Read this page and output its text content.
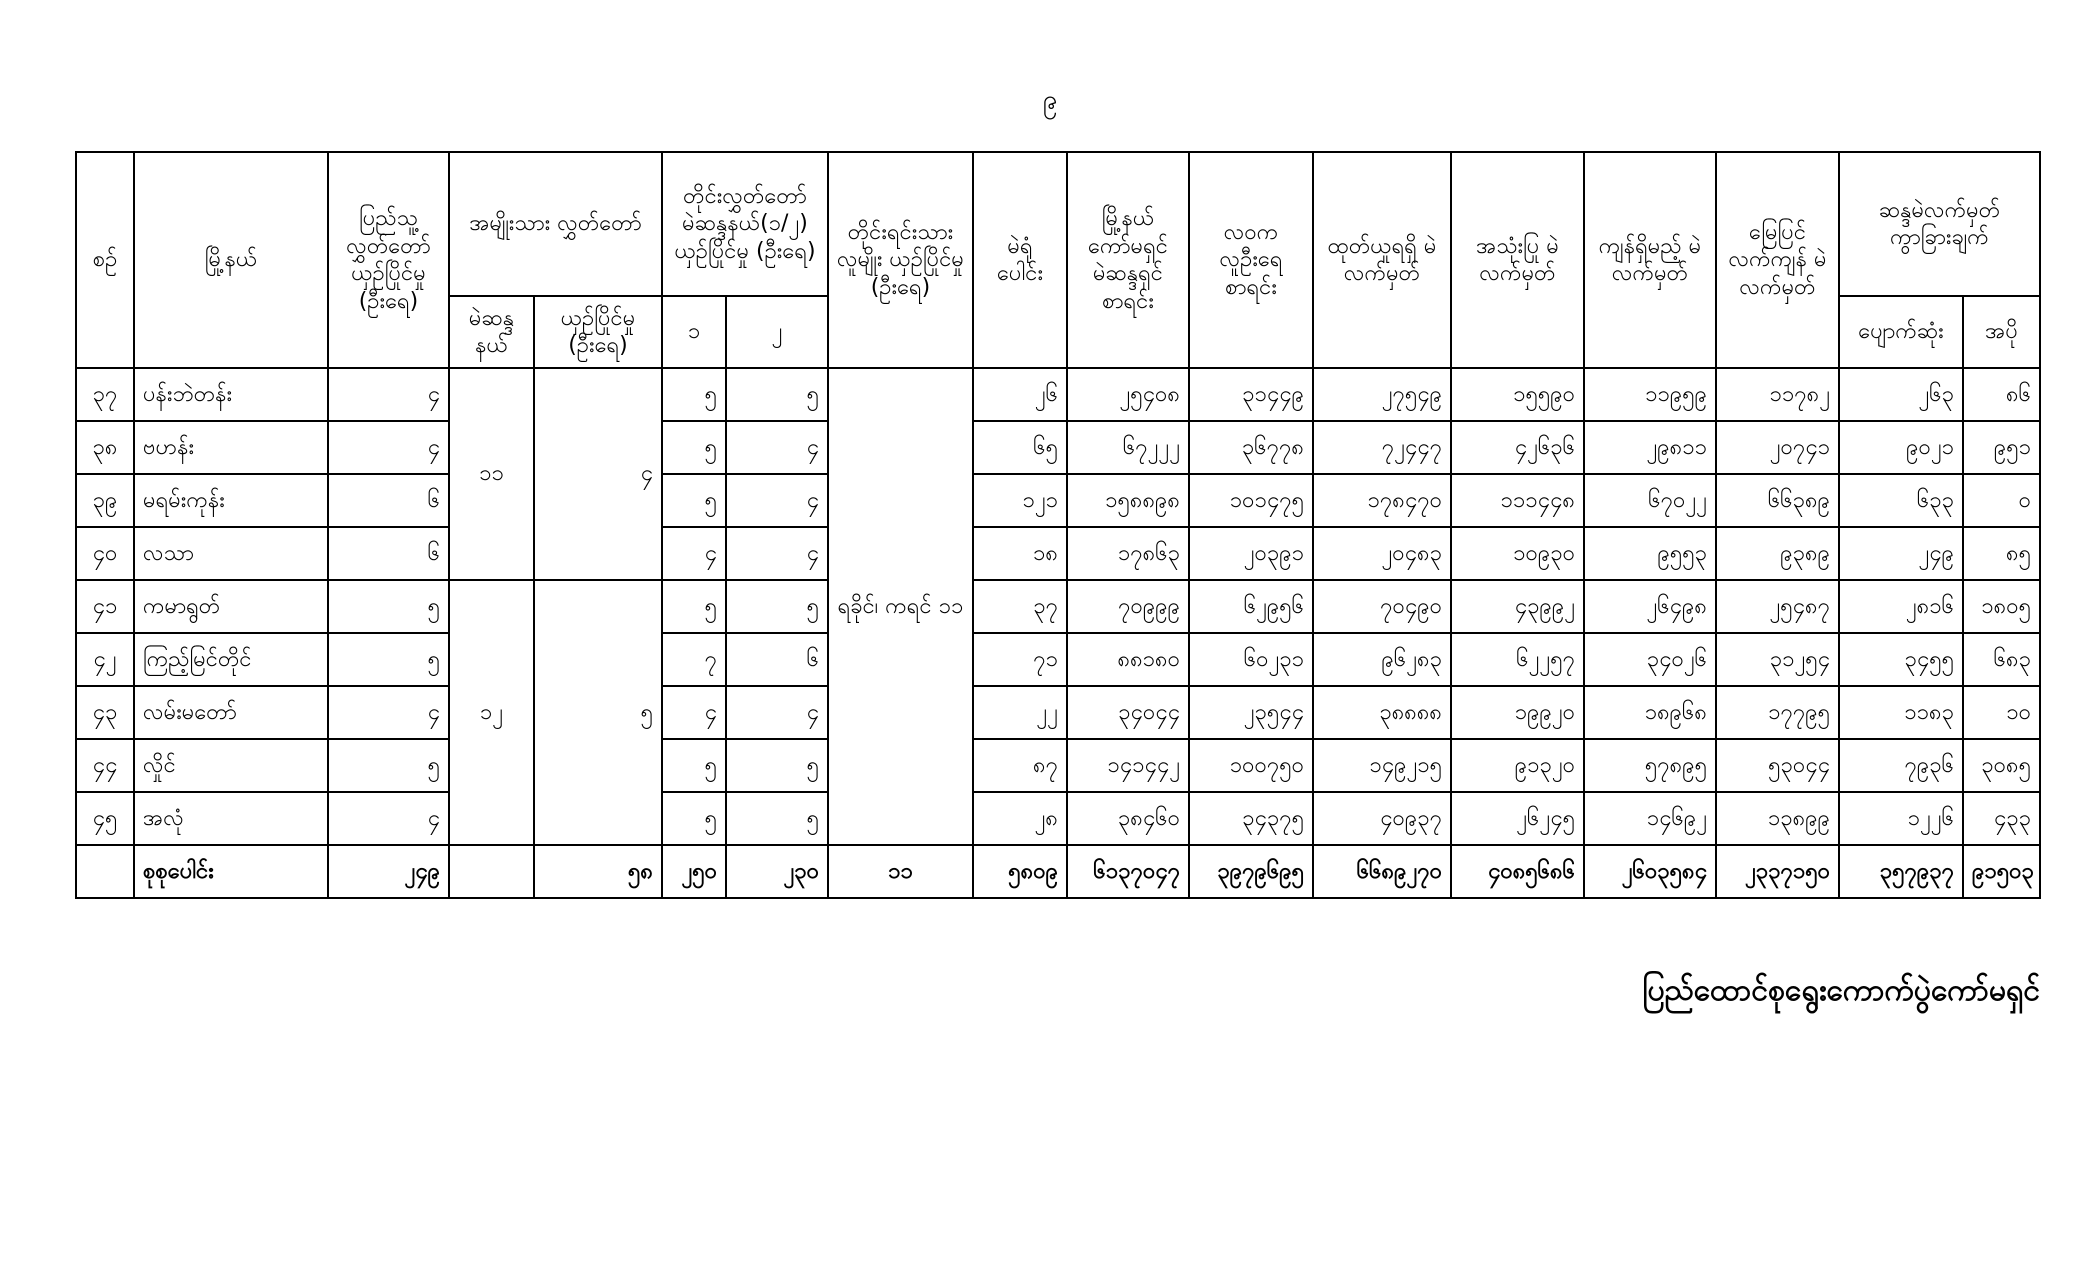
၉
စဉ်	မြို့နယ်	ပြည်သူ့ လွှတ်တော် ယှဉ်ပြိုင်မှု (ဦးရေ)	အမျိုးသား လွှတ်တော်		တိုင်းလွှတ်တော် မဲဆန္ဒနယ်(၁/၂) ယှဉ်ပြိုင်မှု (ဦးရေ)		တိုင်းရင်းသား လူမျိုး ယှဉ်ပြိုင်မှု (ဦးရေ)	မဲရုံ ပေါင်း	မြို့နယ် ကော်မရှင် မဲဆန္ဒရှင် စာရင်း	လဝက လူဦးရေ စာရင်း	ထုတ်ယူရရှိ မဲလက်မှတ်	အသုံးပြု မဲလက်မှတ်	ကျန်ရှိမည့် မဲလက်မှတ်	မြေပြင် လက်ကျန် မဲလက်မှတ်	ဆန္ဒမဲလက်မှတ် ကွာခြားချက်	
			မဲဆန္ဒ နယ်	ယှဉ်ပြိုင်မှု (ဦးရေ)	၁	၂									ပျောက်ဆုံး	အပို
၃၇	ပန်းဘဲတန်း	၄	၁၁	၄	၅	၅	ရခိုင်၊ ကရင် ၁၁	၂၆	၂၅၄၀၈	၃၁၄၄၉	၂၇၅၄၉	၁၅၅၉၀	၁၁၉၅၉	၁၁၇၈၂	၂၆၃	၈၆
၃၈	ဗဟန်း	၄			၅	၄		၆၅	၆၇၂၂၂	၃၆၇၇၈	၇၂၄၄၇	၄၂၆၃၆	၂၉၈၁၁	၂၀၇၄၁	၉၀၂၁	၉၅၁
၃၉	မရမ်းကုန်း	၆			၅	၄		၁၂၁	၁၅၈၈၉၈	၁၀၁၄၇၅	၁၇၈၄၇၀	၁၁၁၄၄၈	၆၇၀၂၂	၆၆၃၈၉	၆၃၃	၀
၄၀	လသာ	၆			၄	၄		၁၈	၁၇၈၆၃	၂၀၃၉၁	၂၀၄၈၃	၁၀၉၃၀	၉၅၅၃	၉၃၈၉	၂၄၉	၈၅
၄၁	ကမာရွတ်	၅	၁၂	၅	၅	၅		၃၇	၇၀၉၉၉	၆၂၉၅၆	၇၀၄၉၀	၄၃၉၉၂	၂၆၄၉၈	၂၅၄၈၇	၂၈၁၆	၁၈၀၅
၄၂	ကြည့်မြင်တိုင်	၅			၇	၆		၇၁	၈၈၁၈၀	၆၀၂၃၁	၉၆၂၈၃	၆၂၂၅၇	၃၄၀၂၆	၃၁၂၅၄	၃၄၅၅	၆၈၃
၄၃	လမ်းမတော်	၄			၄	၄		၂၂	၃၄၀၄၄	၂၃၅၄၄	၃၈၈၈၈	၁၉၉၂၀	၁၈၉၆၈	၁၇၇၉၅	၁၁၈၃	၁၀
၄၄	လှိုင်	၅			၅	၅		၈၇	၁၄၁၄၄၂	၁၀၀၇၅၀	၁၄၉၂၁၅	၉၁၃၂၀	၅၇၈၉၅	၅၃၀၄၄	၇၉၃၆	၃၀၈၅
၄၅	အလုံ	၄			၅	၅		၂၈	၃၈၄၆၀	၃၄၃၇၅	၄၀၉၃၇	၂၆၂၄၅	၁၄၆၉၂	၁၃၈၉၉	၁၂၂၆	၄၃၃
	စုစုပေါင်း	၂၄၉		၅၈	၂၅၀	၂၃၀	၁၁	၅၈၀၉	၆၁၃၇၀၄၇	၃၉၇၉၆၉၅	၆၆၈၉၂၇၀	၄၀၈၅၆၈၆	၂၆၀၃၅၈၄	၂၃၃၇၁၅၀	၃၅၇၉၃၇	၉၁၅၀၃
ပြည်ထောင်စုရွေးကောက်ပွဲကော်မရှင်
